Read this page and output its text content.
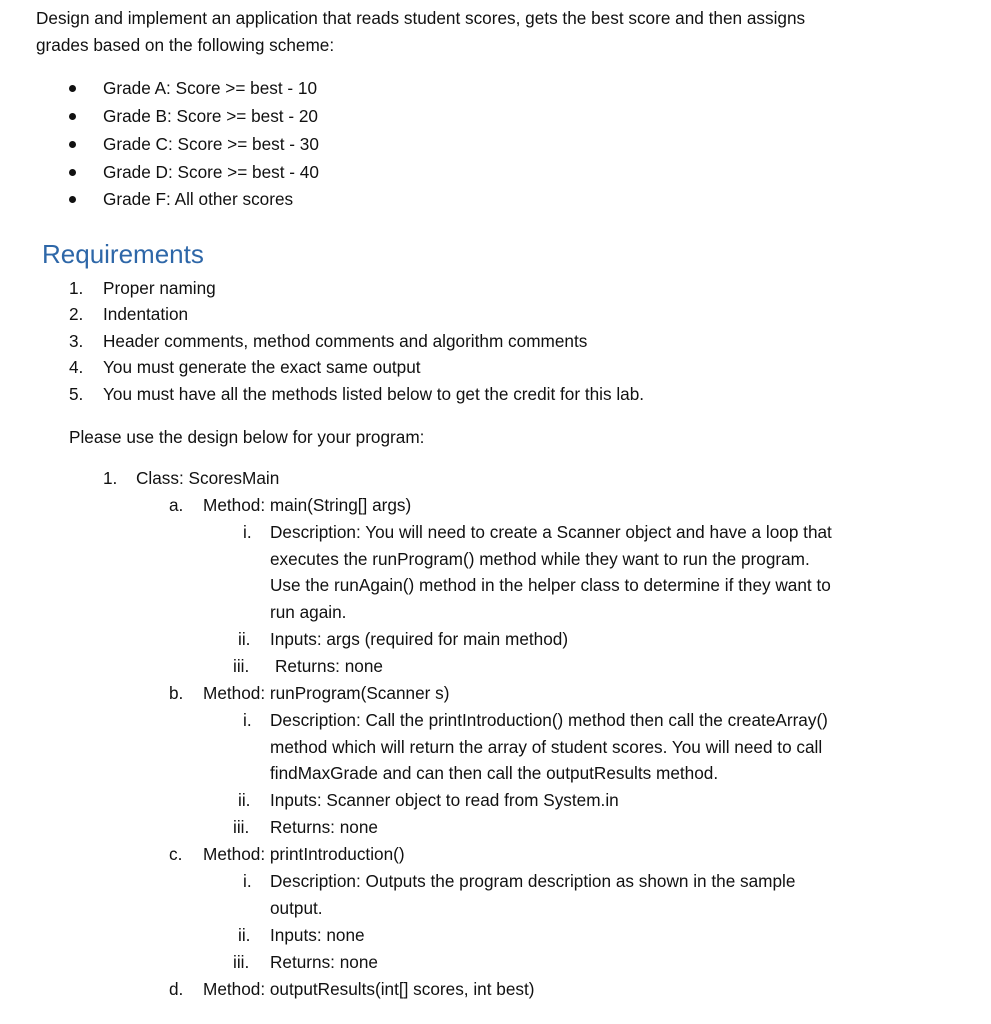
Design and implement an application that reads student scores, gets the best score and then assigns
grades based on the following scheme:
Grade A: Score >= best - 10
Grade B: Score >= best - 20
Grade C: Score >= best - 30
Grade D: Score >= best - 40
Grade F: All other scores
Requirements
1. Proper naming
2. Indentation
3. Header comments, method comments and algorithm comments
4. You must generate the exact same output
5. You must have all the methods listed below to get the credit for this lab.
Please use the design below for your program:
1. Class: ScoresMain
a. Method: main(String[] args)
i. Description: You will need to create a Scanner object and have a loop that
executes the runProgram() method while they want to run the program.
Use the runAgain() method in the helper class to determine if they want to
run again.
ii. Inputs: args (required for main method)
iii. Returns: none
b. Method: runProgram(Scanner s)
i. Description: Call the printIntroduction() method then call the createArray()
method which will return the array of student scores. You will need to call
findMaxGrade and can then call the outputResults method.
ii. Inputs: Scanner object to read from System.in
iii. Returns: none
c. Method: printIntroduction()
i. Description: Outputs the program description as shown in the sample
output.
ii. Inputs: none
iii. Returns: none
d. Method: outputResults(int[] scores, int best)
